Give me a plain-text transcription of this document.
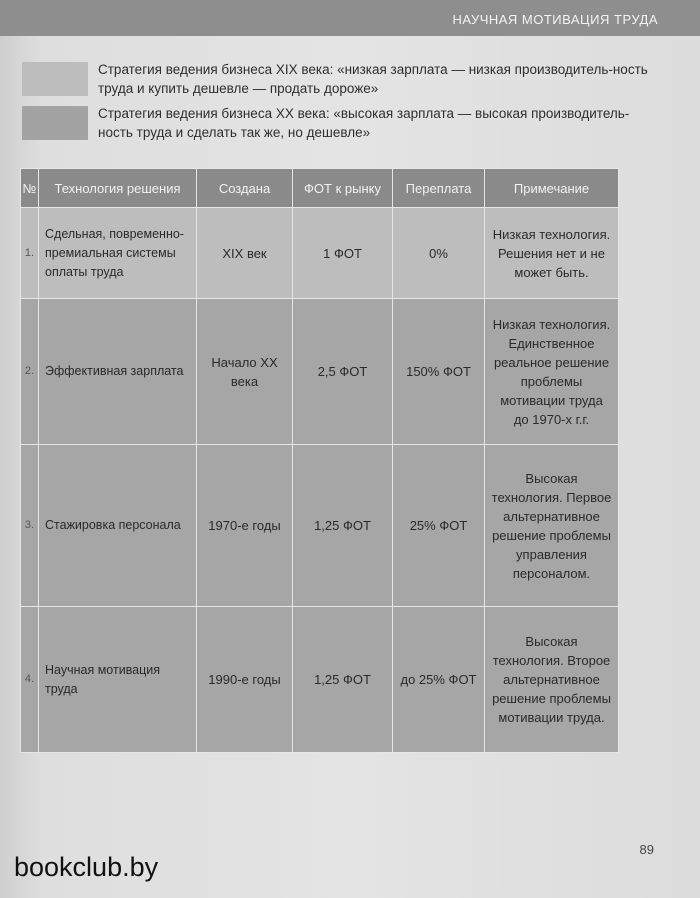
НАУЧНАЯ МОТИВАЦИЯ ТРУДА
Стратегия ведения бизнеса XIX века: «низкая зарплата — низкая производитель-ность труда и купить дешевле — продать дороже»
Стратегия ведения бизнеса XX века: «высокая зарплата — высокая производитель-ность труда и сделать так же, но дешевле»
№	Технология решения	Создана	ФОТ к рынку	Переплата	Примечание
1.	Сдельная, повременно-премиальная системы оплаты труда	XIX век	1 ФОТ	0%	Низкая технология. Решения нет и не может быть.
2.	Эффективная зарплата	Начало XX века	2,5 ФОТ	150% ФОТ	Низкая технология. Единственное реальное решение проблемы мотивации труда до 1970-х г.г.
3.	Стажировка персонала	1970-е годы	1,25 ФОТ	25% ФОТ	Высокая технология. Первое альтернативное решение проблемы управления персоналом.
4.	Научная мотивация труда	1990-е годы	1,25 ФОТ	до 25% ФОТ	Высокая технология. Второе альтернативное решение проблемы мотивации труда.
89
bookclub.by
